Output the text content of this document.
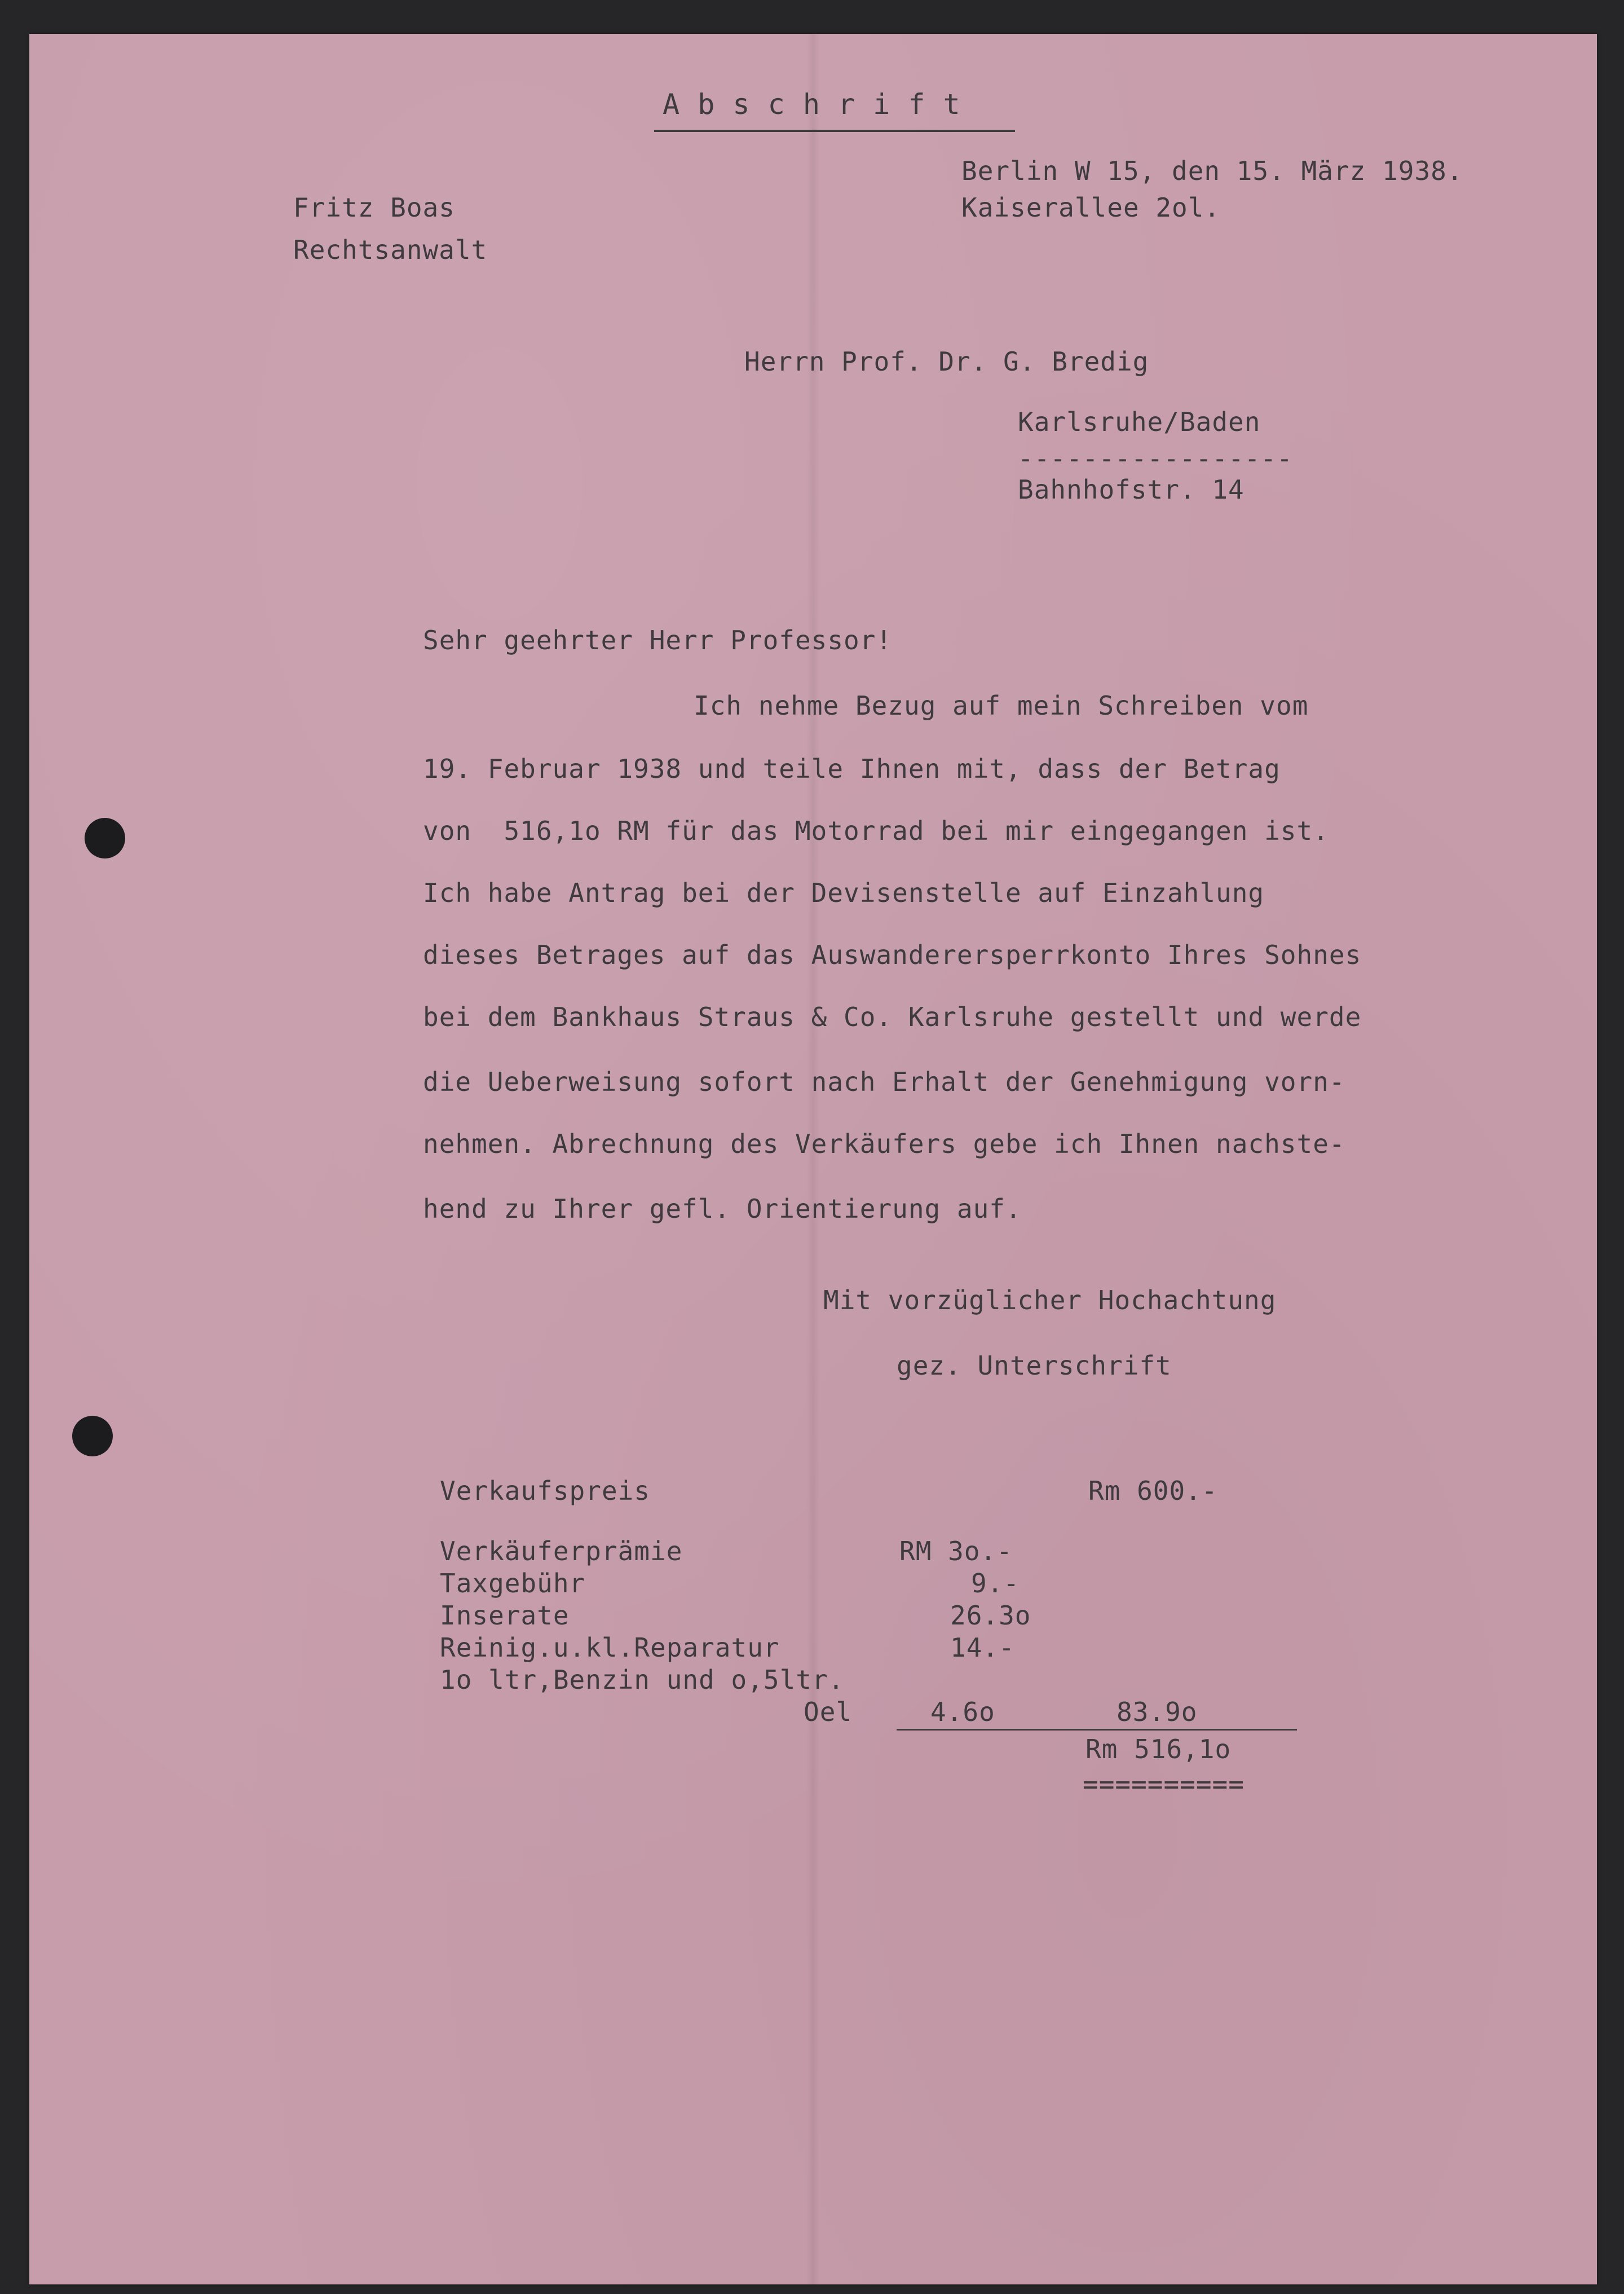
A b s c h r i f t
Berlin W 15, den 15. März 1938.
Kaiserallee 2ol.
Fritz Boas
Rechtsanwalt
Herrn Prof. Dr. G. Bredig
Karlsruhe/Baden
-----------------
Bahnhofstr. 14
Sehr geehrter Herr Professor!
Ich nehme Bezug auf mein Schreiben vom
19. Februar 1938 und teile Ihnen mit, dass der Betrag
von  516,1o RM für das Motorrad bei mir eingegangen ist.
Ich habe Antrag bei der Devisenstelle auf Einzahlung
dieses Betrages auf das Auswanderersperrkonto Ihres Sohnes
bei dem Bankhaus Straus & Co. Karlsruhe gestellt und werde
die Ueberweisung sofort nach Erhalt der Genehmigung vorn-
nehmen. Abrechnung des Verkäufers gebe ich Ihnen nachste-
hend zu Ihrer gefl. Orientierung auf.
Mit vorzüglicher Hochachtung
gez. Unterschrift
Verkaufspreis	Rm 600.-
Verkäuferprämie	RM 3o.-
Taxgebühr	9.-
Inserate	26.3o
Reinig.u.kl.Reparatur	14.-
1o ltr,Benzin und o,5ltr.
Oel	4.6o	83.9o
Rm 516,1o
==========
